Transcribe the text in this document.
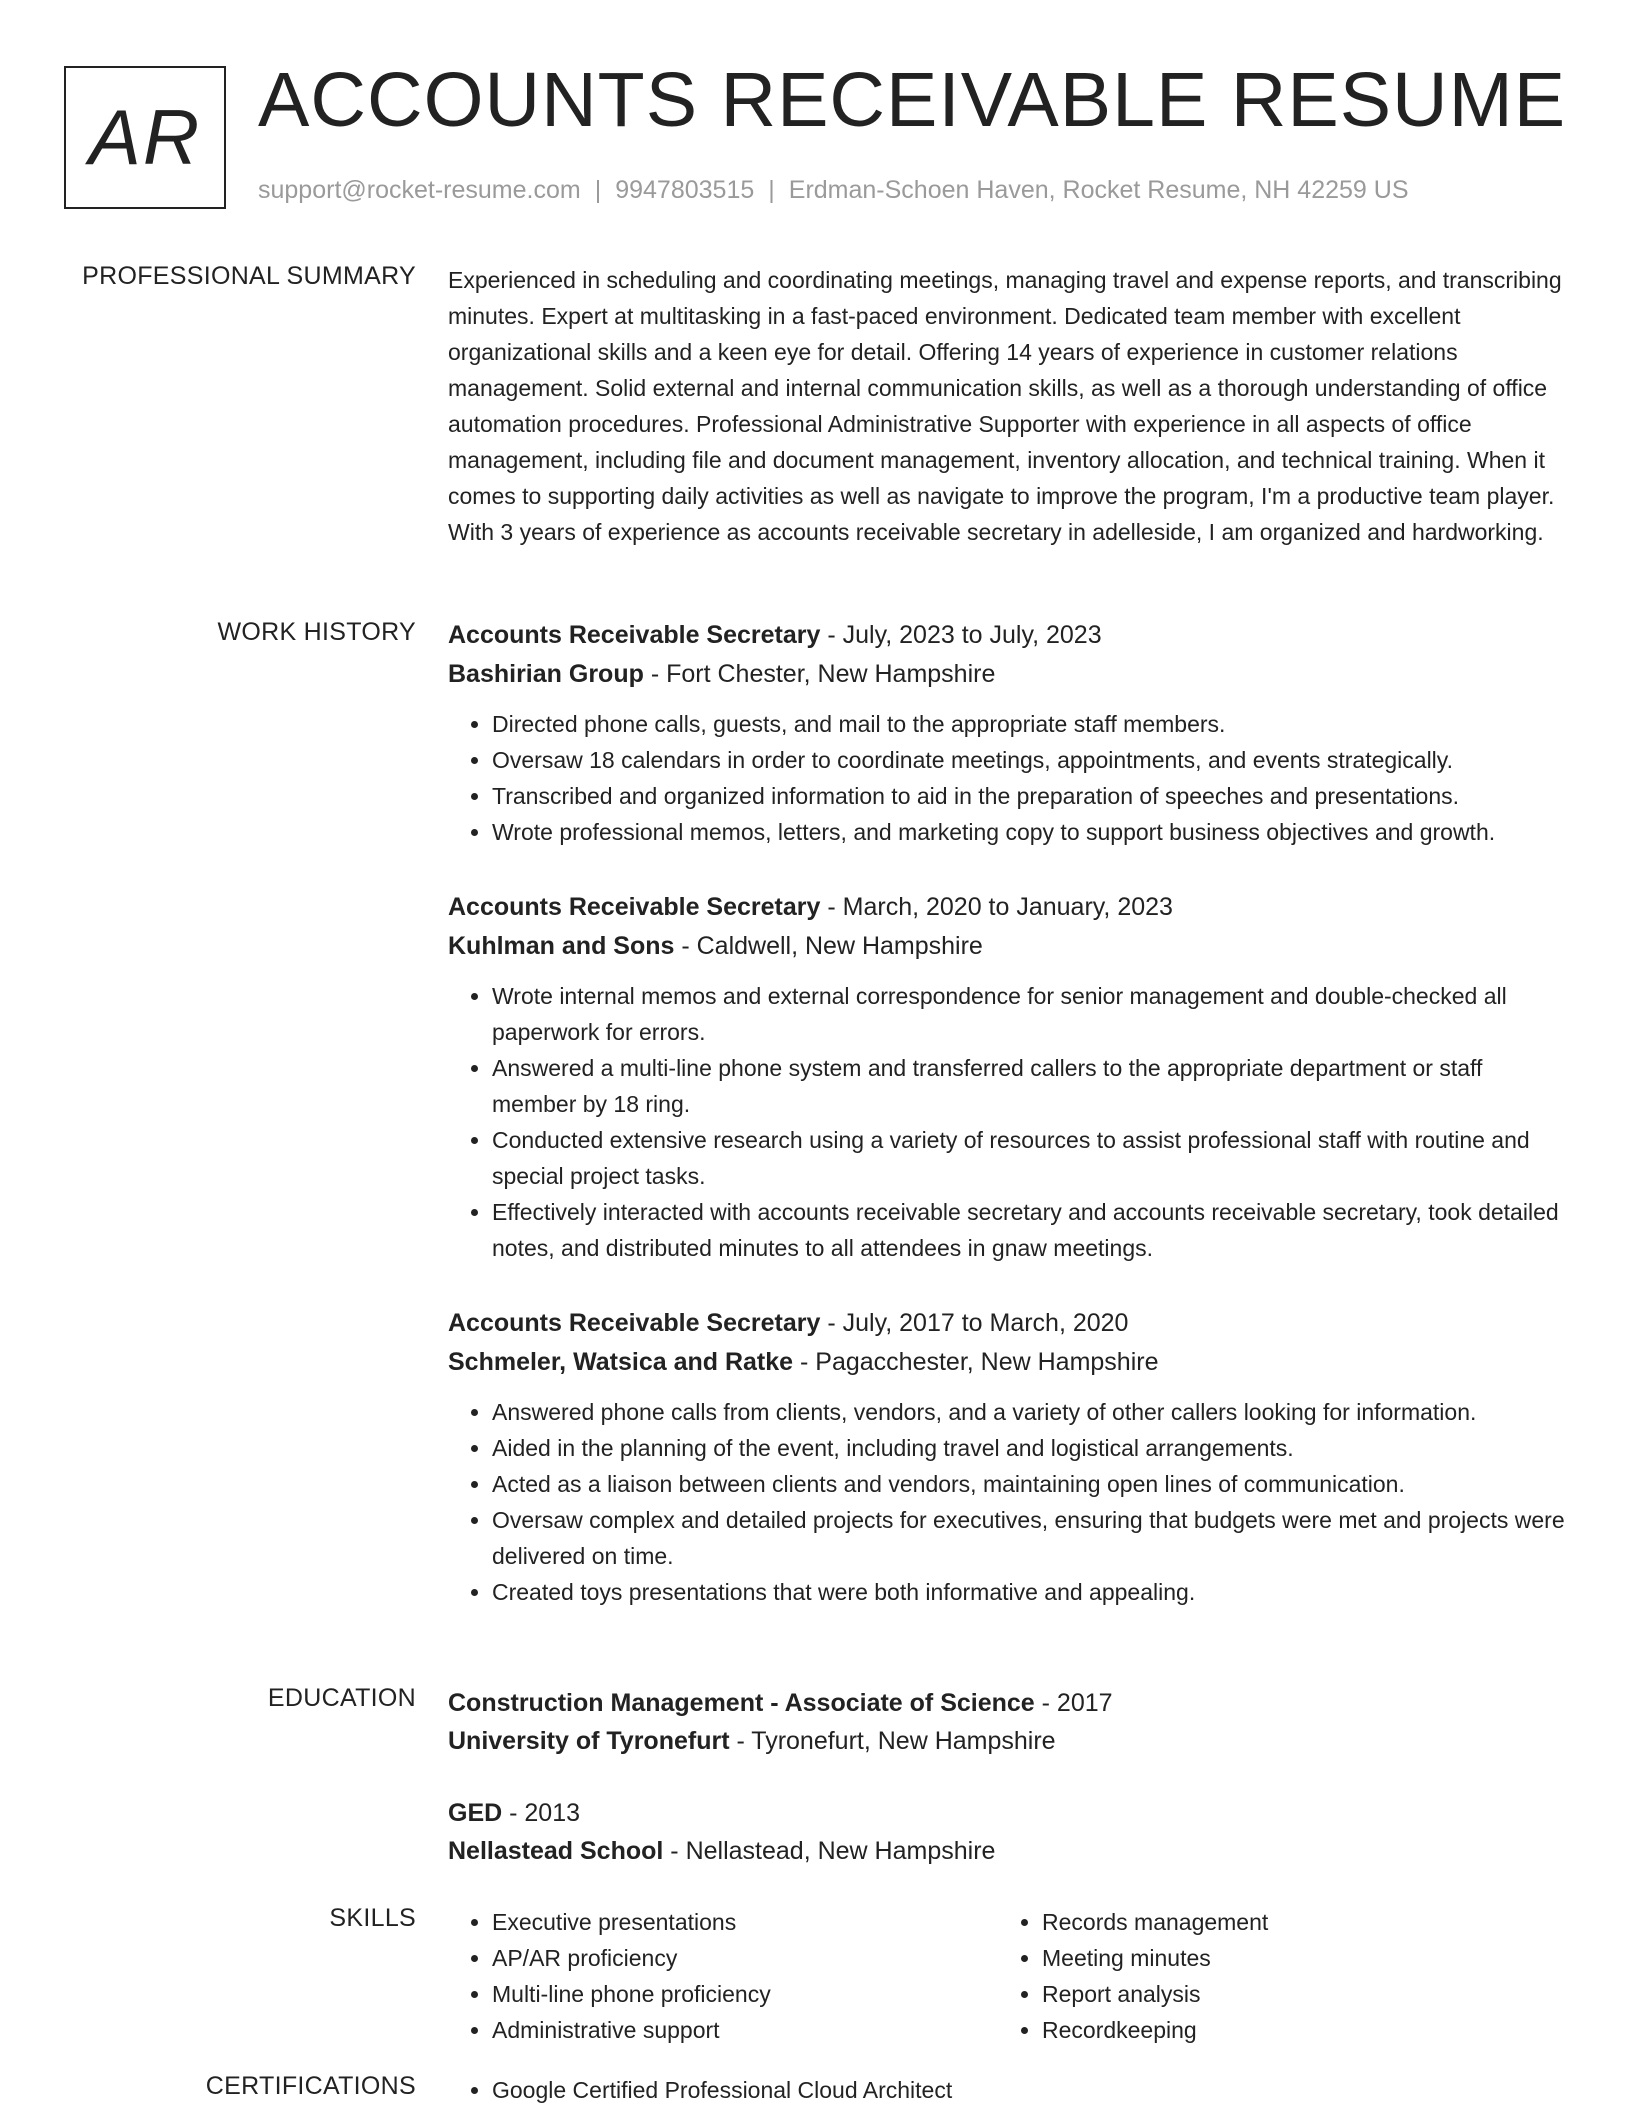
AR ACCOUNTS RECEIVABLE RESUME
support@rocket-resume.com | 9947803515 | Erdman-Schoen Haven, Rocket Resume, NH 42259 US
PROFESSIONAL SUMMARY Experienced in scheduling and coordinating meetings, managing travel and expense reports, and transcribing minutes. Expert at multitasking in a fast-paced environment. Dedicated team member with excellent organizational skills and a keen eye for detail. Offering 14 years of experience in customer relations management. Solid external and internal communication skills, as well as a thorough understanding of office automation procedures. Professional Administrative Supporter with experience in all aspects of office management, including file and document management, inventory allocation, and technical training. When it comes to supporting daily activities as well as navigate to improve the program, I'm a productive team player. With 3 years of experience as accounts receivable secretary in adelleside, I am organized and hardworking.

WORK HISTORY Accounts Receivable Secretary - July, 2023 to July, 2023
Bashirian Group - Fort Chester, New Hampshire
• Directed phone calls, guests, and mail to the appropriate staff members.
• Oversaw 18 calendars in order to coordinate meetings, appointments, and events strategically.
• Transcribed and organized information to aid in the preparation of speeches and presentations.
• Wrote professional memos, letters, and marketing copy to support business objectives and growth.
Accounts Receivable Secretary - March, 2020 to January, 2023
Kuhlman and Sons - Caldwell, New Hampshire
• Wrote internal memos and external correspondence for senior management and double-checked all paperwork for errors.
• Answered a multi-line phone system and transferred callers to the appropriate department or staff member by 18 ring.
• Conducted extensive research using a variety of resources to assist professional staff with routine and special project tasks.
• Effectively interacted with accounts receivable secretary and accounts receivable secretary, took detailed notes, and distributed minutes to all attendees in gnaw meetings.
Accounts Receivable Secretary - July, 2017 to March, 2020
Schmeler, Watsica and Ratke - Pagacchester, New Hampshire
• Answered phone calls from clients, vendors, and a variety of other callers looking for information.
• Aided in the planning of the event, including travel and logistical arrangements.
• Acted as a liaison between clients and vendors, maintaining open lines of communication.
• Oversaw complex and detailed projects for executives, ensuring that budgets were met and projects were delivered on time.
• Created toys presentations that were both informative and appealing.
EDUCATION Construction Management - Associate of Science - 2017
University of Tyronefurt - Tyronefurt, New Hampshire
GED - 2013
Nellastead School - Nellastead, New Hampshire
SKILLS	• Executive presentations
• AP/AR proficiency
• Multi-line phone proficiency
• Administrative support
• Records management
• Meeting minutes
• Report analysis
• Recordkeeping
CERTIFICATIONS	• Google Certified Professional Cloud Architect
